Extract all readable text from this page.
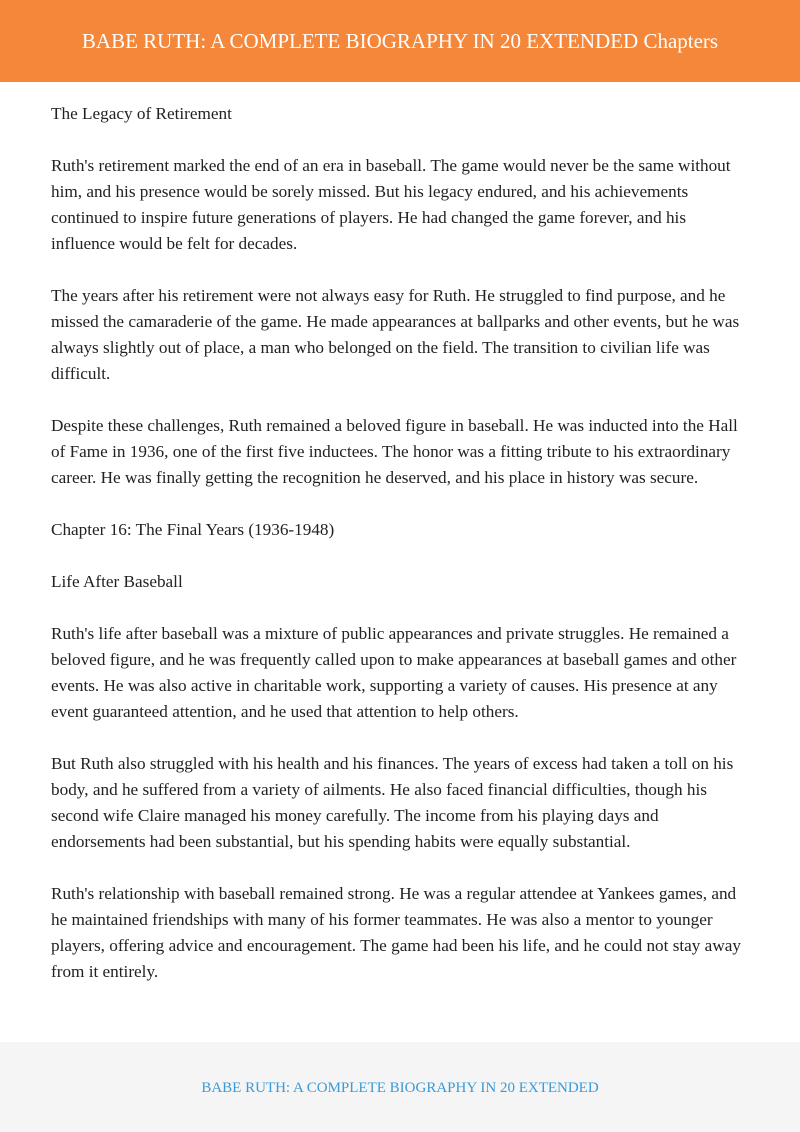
BABE RUTH: A COMPLETE BIOGRAPHY IN 20 EXTENDED Chapters

The Legacy of Retirement

Ruth's retirement marked the end of an era in baseball. The game would never be the same without him, and his presence would be sorely missed. But his legacy endured, and his achievements continued to inspire future generations of players. He had changed the game forever, and his influence would be felt for decades.

The years after his retirement were not always easy for Ruth. He struggled to find purpose, and he missed the camaraderie of the game. He made appearances at ballparks and other events, but he was always slightly out of place, a man who belonged on the field. The transition to civilian life was difficult.

Despite these challenges, Ruth remained a beloved figure in baseball. He was inducted into the Hall of Fame in 1936, one of the first five inductees. The honor was a fitting tribute to his extraordinary career. He was finally getting the recognition he deserved, and his place in history was secure.

Chapter 16: The Final Years (1936-1948)

Life After Baseball

Ruth's life after baseball was a mixture of public appearances and private struggles. He remained a beloved figure, and he was frequently called upon to make appearances at baseball games and other events. He was also active in charitable work, supporting a variety of causes. His presence at any event guaranteed attention, and he used that attention to help others.

But Ruth also struggled with his health and his finances. The years of excess had taken a toll on his body, and he suffered from a variety of ailments. He also faced financial difficulties, though his second wife Claire managed his money carefully. The income from his playing days and endorsements had been substantial, but his spending habits were equally substantial.

Ruth's relationship with baseball remained strong. He was a regular attendee at Yankees games, and he maintained friendships with many of his former teammates. He was also a mentor to younger players, offering advice and encouragement. The game had been his life, and he could not stay away from it entirely.

BABE RUTH: A COMPLETE BIOGRAPHY IN 20 EXTENDED
